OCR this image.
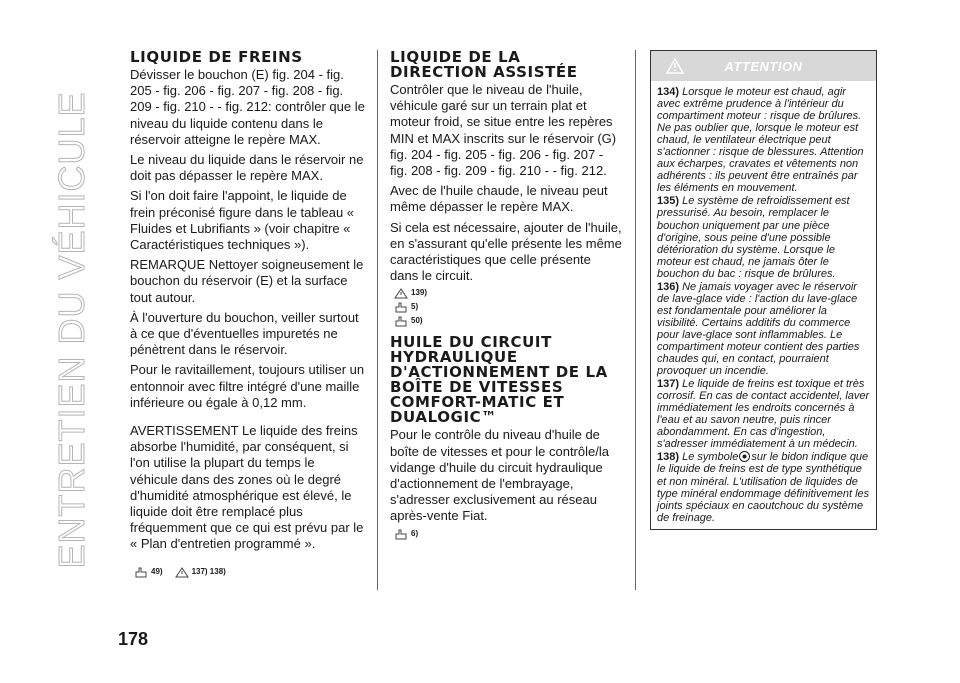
ENTRETIEN DU VÉHICULE
178
LIQUIDE DE FREINS

Dévisser le bouchon (E) fig. 204 - fig. 205 - fig. 206 - fig. 207 - fig. 208 - fig. 209 - fig. 210 - - fig. 212: contrôler que le niveau du liquide contenu dans le réservoir atteigne le repère MAX.

Le niveau du liquide dans le réservoir ne doit pas dépasser le repère MAX.

Si l'on doit faire l'appoint, le liquide de frein préconisé figure dans le tableau « Fluides et Lubrifiants » (voir chapitre « Caractéristiques techniques »).

REMARQUE Nettoyer soigneusement le bouchon du réservoir (E) et la surface tout autour.

À l'ouverture du bouchon, veiller surtout à ce que d'éventuelles impuretés ne pénètrent dans le réservoir.

Pour le ravitaillement, toujours utiliser un entonnoir avec filtre intégré d'une maille inférieure ou égale à 0,12 mm.

AVERTISSEMENT Le liquide des freins absorbe l'humidité, par conséquent, si l'on utilise la plupart du temps le véhicule dans des zones où le degré d'humidité atmosphérique est élevé, le liquide doit être remplacé plus fréquemment que ce qui est prévu par le « Plan d'entretien programmé ».

49)	137) 138)
LIQUIDE DE LA DIRECTION ASSISTÉE

Contrôler que le niveau de l'huile, véhicule garé sur un terrain plat et moteur froid, se situe entre les repères MIN et MAX inscrits sur le réservoir (G) fig. 204 - fig. 205 - fig. 206 - fig. 207 - fig. 208 - fig. 209 - fig. 210 - - fig. 212.

Avec de l'huile chaude, le niveau peut même dépasser le repère MAX.

Si cela est nécessaire, ajouter de l'huile, en s'assurant qu'elle présente les même caractéristiques que celle présente dans le circuit.

139)
5)
50)
HUILE DU CIRCUIT HYDRAULIQUE D'ACTIONNEMENT DE LA BOÎTE DE VITESSES COMFORT-MATIC ET DUALOGIC™

Pour le contrôle du niveau d'huile de boîte de vitesses et pour le contrôle/la vidange d'huile du circuit hydraulique d'actionnement de l'embrayage, s'adresser exclusivement au réseau après-vente Fiat.

6)
ATTENTION
134) Lorsque le moteur est chaud, agir avec extrême prudence à l'intérieur du compartiment moteur : risque de brûlures. Ne pas oublier que, lorsque le moteur est chaud, le ventilateur électrique peut s'actionner : risque de blessures. Attention aux écharpes, cravates et vêtements non adhérents : ils peuvent être entraînés par les éléments en mouvement.
135) Le système de refroidissement est pressurisé. Au besoin, remplacer le bouchon uniquement par une pièce d'origine, sous peine d'une possible détérioration du système. Lorsque le moteur est chaud, ne jamais ôter le bouchon du bac : risque de brûlures.
136) Ne jamais voyager avec le réservoir de lave-glace vide : l'action du lave-glace est fondamentale pour améliorer la visibilité. Certains additifs du commerce pour lave-glace sont inflammables. Le compartiment moteur contient des parties chaudes qui, en contact, pourraient provoquer un incendie.
137) Le liquide de freins est toxique et très corrosif. En cas de contact accidentel, laver immédiatement les endroits concernés à l'eau et au savon neutre, puis rincer abondamment. En cas d'ingestion, s'adresser immédiatement à un médecin.
138) Le symbole sur le bidon indique que le liquide de freins est de type synthétique et non minéral. L'utilisation de liquides de type minéral endommage définitivement les joints spéciaux en caoutchouc du système de freinage.
